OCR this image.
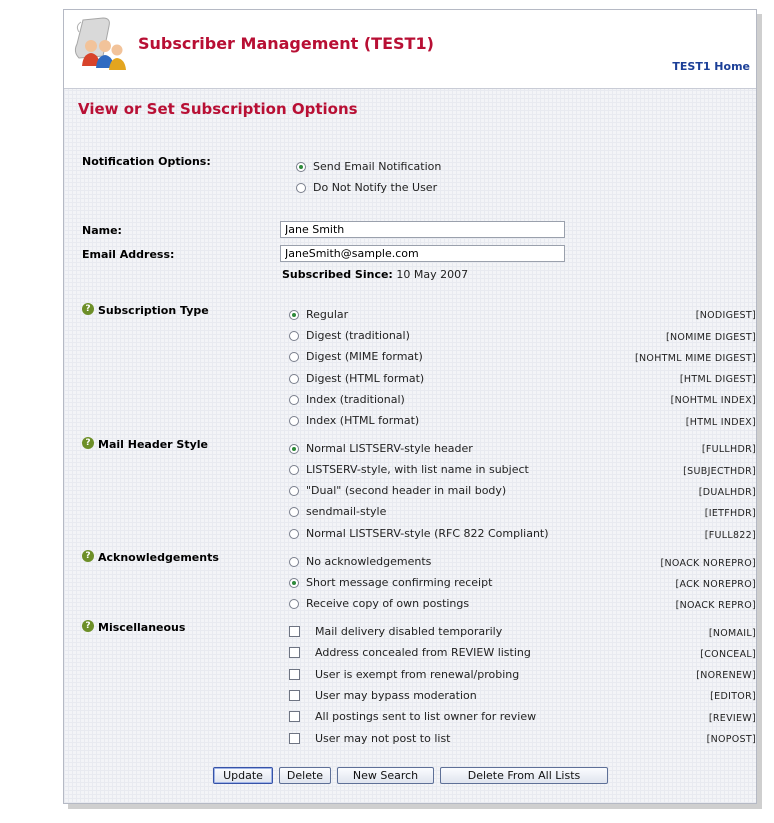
Subscriber Management (TEST1)
TEST1 Home
View or Set Subscription Options
Notification Options:	Send Email Notification
Do Not Notify the User
Name:
Jane Smith
Email Address:
JaneSmith@sample.com
Subscribed Since: 10 May 2007
? Subscription Type	Regular	[NODIGEST]
Digest (traditional)	[NOMIME DIGEST]
Digest (MIME format)	[NOHTML MIME DIGEST]
Digest (HTML format)	[HTML DIGEST]
Index (traditional)	[NOHTML INDEX]
Index (HTML format)	[HTML INDEX]
? Mail Header Style	Normal LISTSERV-style header	[FULLHDR]
LISTSERV-style, with list name in subject	[SUBJECTHDR]
"Dual" (second header in mail body)	[DUALHDR]
sendmail-style	[IETFHDR]
Normal LISTSERV-style (RFC 822 Compliant)	[FULL822]
? Acknowledgements	No acknowledgements	[NOACK NOREPRO]
Short message confirming receipt	[ACK NOREPRO]
Receive copy of own postings	[NOACK REPRO]
? Miscellaneous	Mail delivery disabled temporarily	[NOMAIL]
Address concealed from REVIEW listing	[CONCEAL]
User is exempt from renewal/probing	[NORENEW]
User may bypass moderation	[EDITOR]
All postings sent to list owner for review	[REVIEW]
User may not post to list	[NOPOST]
Update	Delete	New Search	Delete From All Lists
